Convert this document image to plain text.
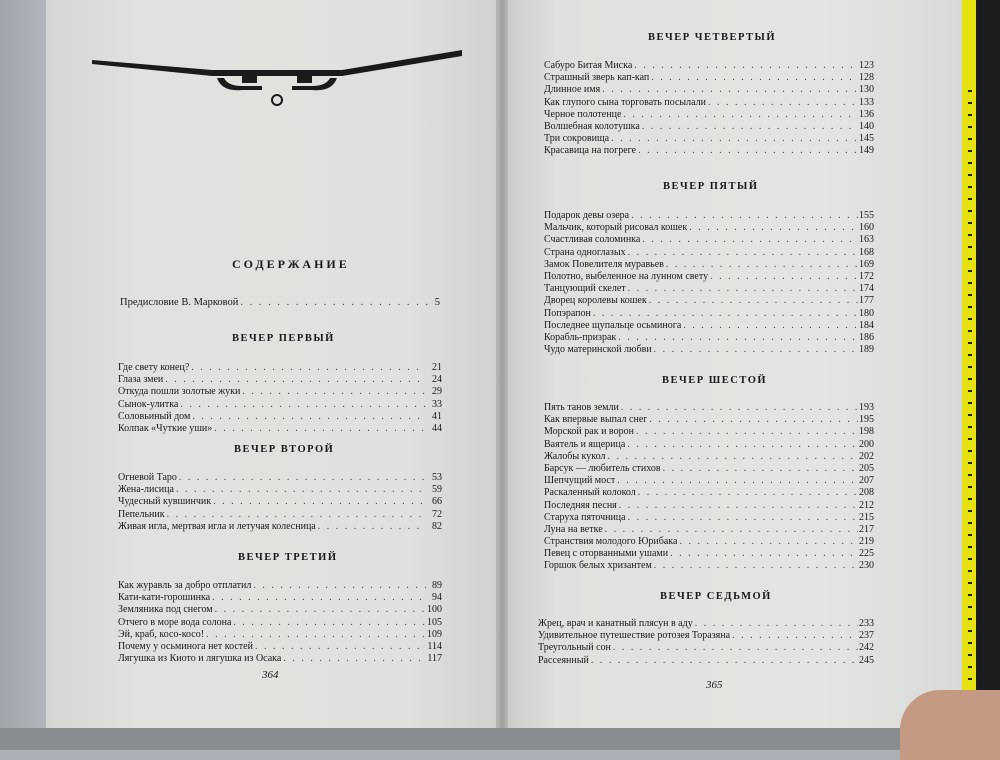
СОДЕРЖАНИЕ
Предисловие В. Марковой . . .	5
ВЕЧЕР ПЕРВЫЙ
Где свету конец? . . .	21
Глаза змеи . . .	24
Откуда пошли золотые жуки . . .	29
Сынок-улитка . . .	33
Соловьиный дом . . .	41
Колпак «Чуткие уши» . . .	44
ВЕЧЕР ВТОРОЙ
Огневой Таро . . .	53
Жена-лисица . . .	59
Чудесный кувшинчик . . .	66
Пепельник . . .	72
Живая игла, мертвая игла и летучая колесница . . .	82
ВЕЧЕР ТРЕТИЙ
Как журавль за добро отплатил . . .	89
Кати-кати-горошинка . . .	94
Земляника под снегом . . .	100
Отчего в море вода солона . . .	105
Эй, краб, косо-косо! . . .	109
Почему у осьминога нет костей . . .	114
Лягушка из Киото и лягушка из Осака . . .	117
364
ВЕЧЕР ЧЕТВЕРТЫЙ
Сабуро Битая Миска . . .	123
Страшный зверь кап-кап . . .	128
Длинное имя . . .	130
Как глупого сына торговать посылали . . .	133
Черное полотенце . . .	136
Волшебная колотушка . . .	140
Три сокровища . . .	145
Красавица на погреге . . .	149
ВЕЧЕР ПЯТЫЙ
Подарок девы озера . . .	155
Мальчик, который рисовал кошек . . .	160
Счастливая соломинка . . .	163
Страна одноглазых . . .	168
Замок Повелителя муравьев . . .	169
Полотно, выбеленное на лунном свету . . .	172
Танцующий скелет . . .	174
Дворец королевы кошек . . .	177
Попэрапон . . .	180
Последнее щупальце осьминога . . .	184
Корабль-призрак . . .	186
Чудо материнской любви . . .	189
ВЕЧЕР ШЕСТОЙ
Пять танов земли . . .	193
Как впервые выпал снег . . .	195
Морской рак и ворон . . .	198
Ваятель и ящерица . . .	200
Жалобы кукол . . .	202
Барсук — любитель стихов . . .	205
Шепчущий мост . . .	207
Раскаленный колокол . . .	208
Последняя песня . . .	212
Старуха пяточница . . .	215
Луна на ветке . . .	217
Странствия молодого Юрибака . . .	219
Певец с оторванными ушами . . .	225
Горшок белых хризантем . . .	230
ВЕЧЕР СЕДЬМОЙ
Жрец, врач и канатный плясун в аду . . .	233
Удивительное путешествие ротозея Торазяна . . .	237
Треугольный сон . . .	242
Рассеянный . . .	245
365
